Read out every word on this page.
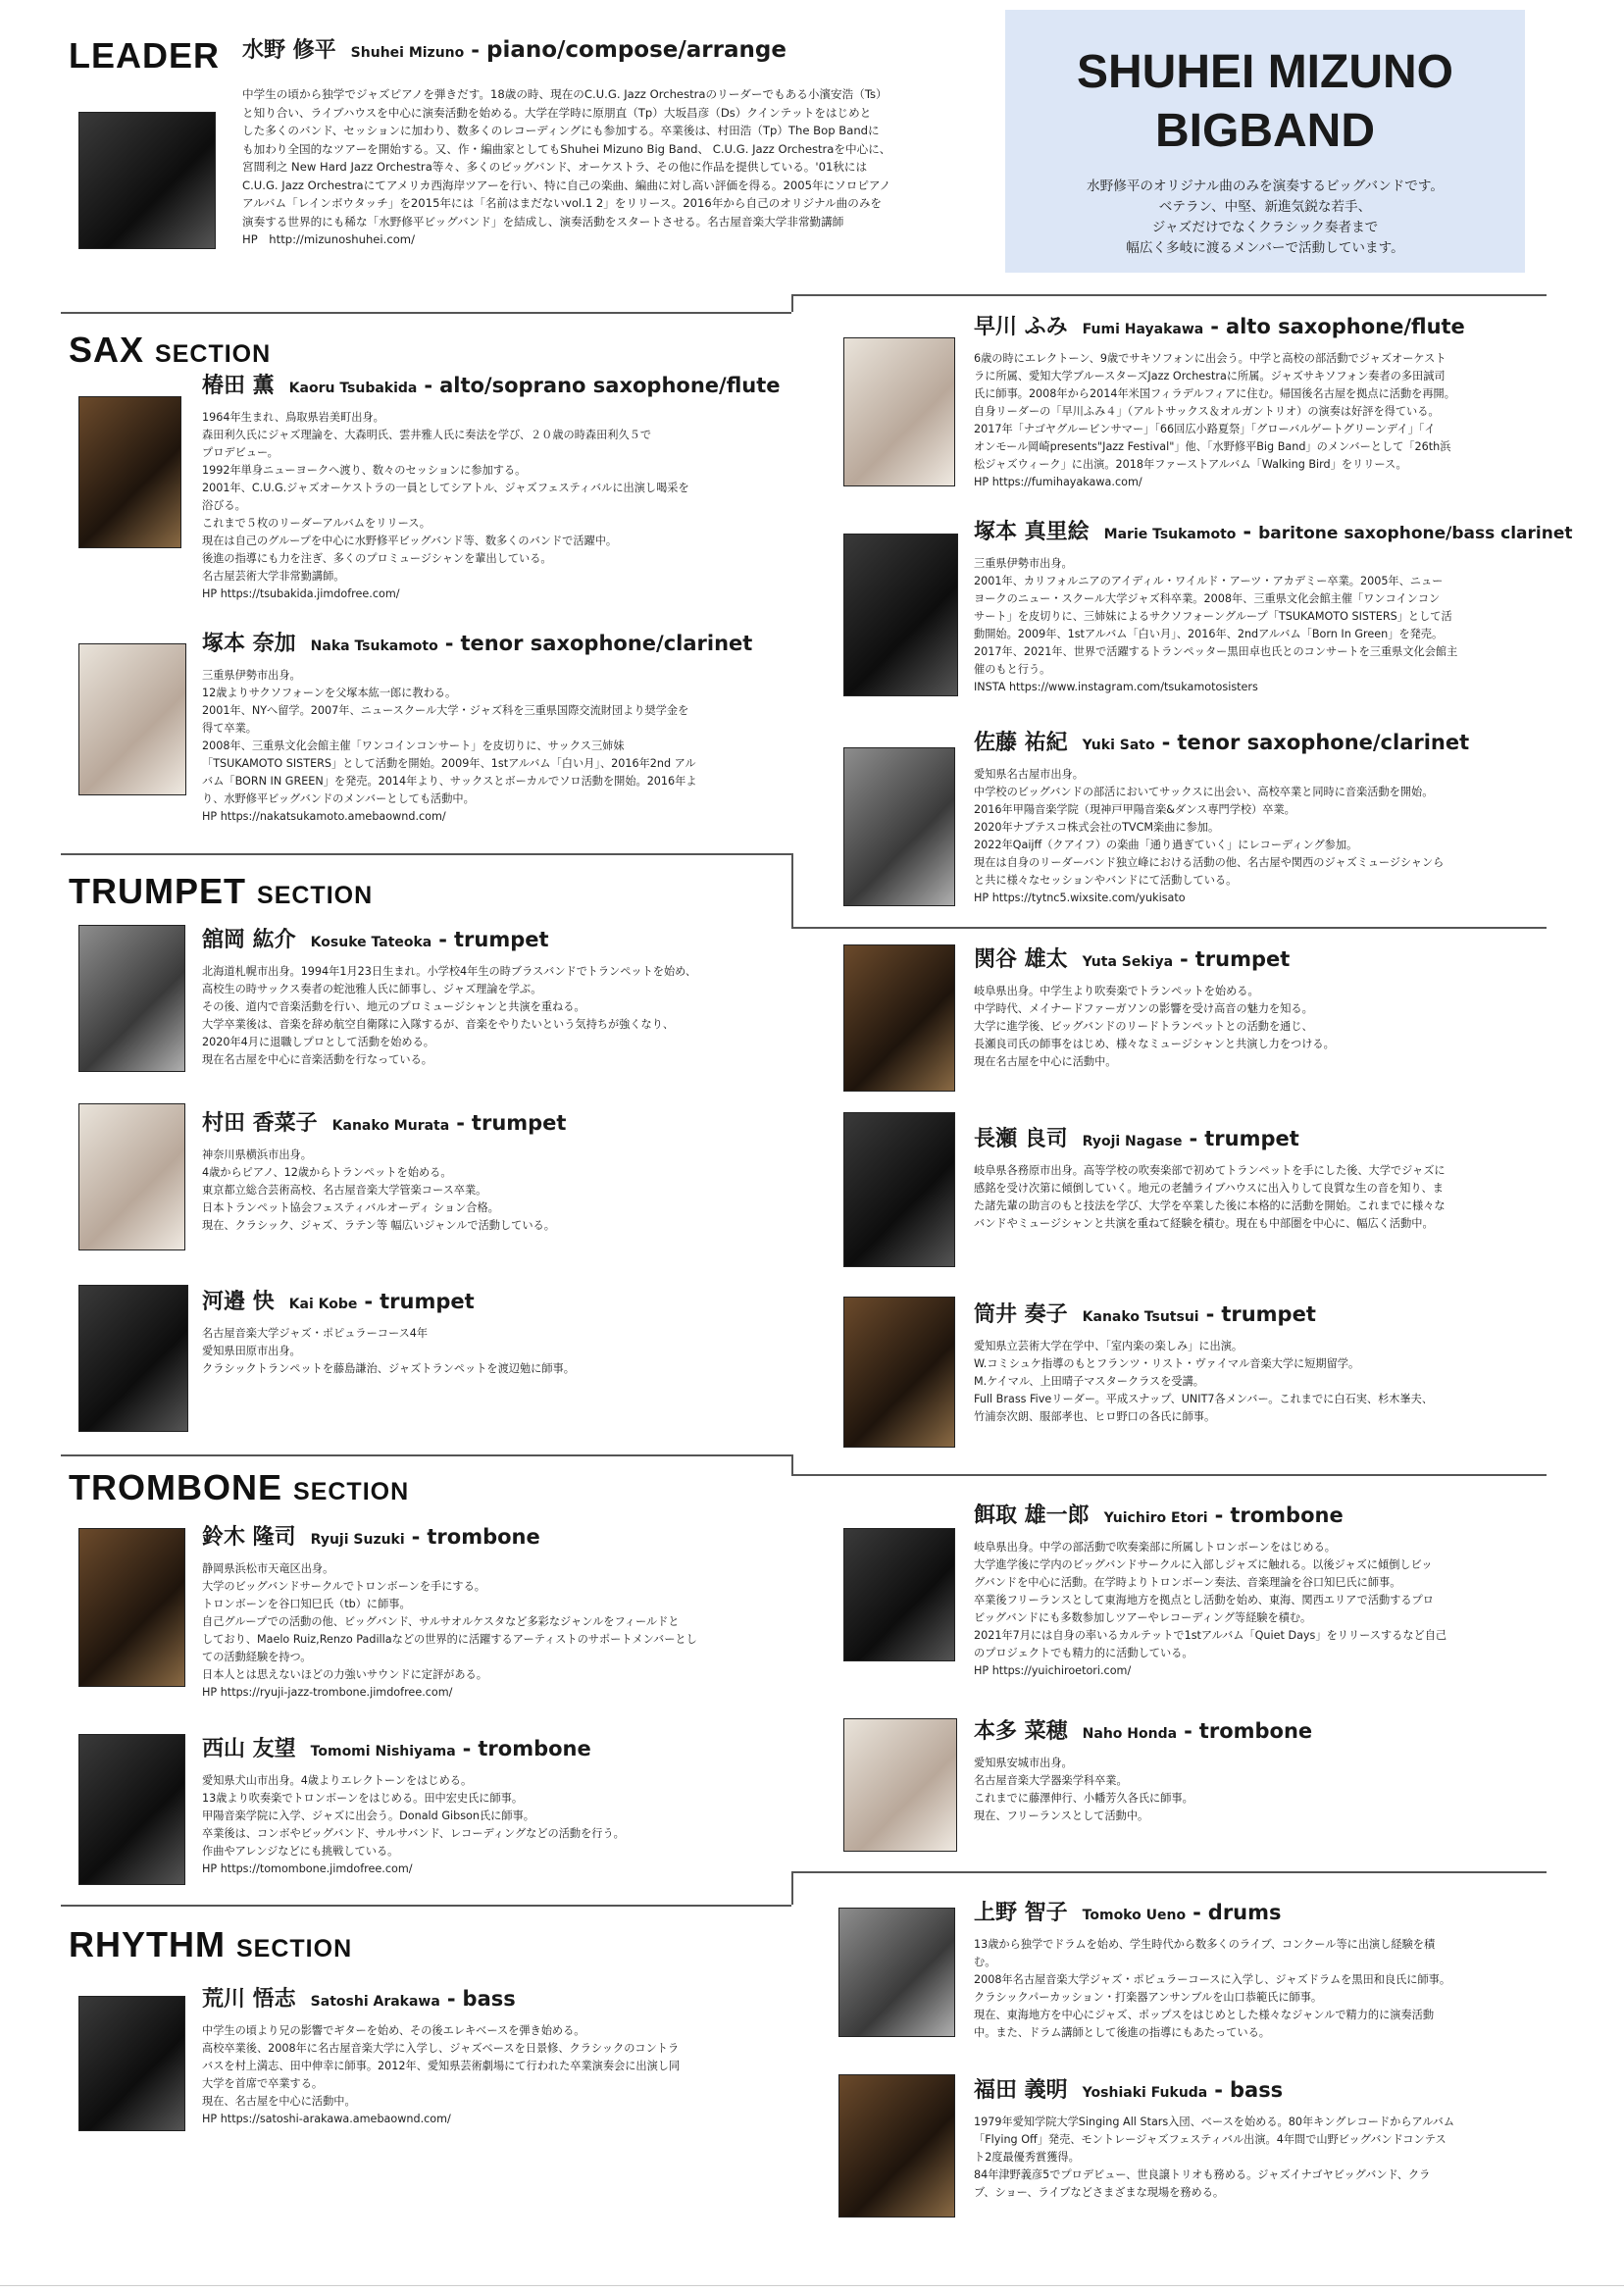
SHUHEI MIZUNO
BIGBAND
水野修平のオリジナル曲のみを演奏するビッグバンドです。
ベテラン、中堅、新進気鋭な若手、
ジャズだけでなくクラシック奏者まで
幅広く多岐に渡るメンバーで活動しています。
LEADER 水野 修平 Shuhei Mizuno - piano/compose/arrange
中学生の頃から独学でジャズピアノを弾きだす。18歳の時、現在のC.U.G. Jazz Orchestraのリーダーでもある小濱安浩（Ts）
と知り合い、ライブハウスを中心に演奏活動を始める。大学在学時に原朋直（Tp）大坂昌彦（Ds）クインテットをはじめと
した多くのバンド、セッションに加わり、数多くのレコーディングにも参加する。卒業後は、村田浩（Tp）The Bop Bandに
も加わり全国的なツアーを開始する。又、作・編曲家としてもShuhei Mizuno Big Band、 C.U.G. Jazz Orchestraを中心に、
宮間利之 New Hard Jazz Orchestra等々、多くのビッグバンド、オーケストラ、その他に作品を提供している。'01秋には
C.U.G. Jazz Orchestraにてアメリカ西海岸ツアーを行い、特に自己の楽曲、編曲に対し高い評価を得る。2005年にソロピアノ
アルバム「レインボウタッチ」を2015年には「名前はまだないvol.1 2」をリリース。2016年から自己のオリジナル曲のみを
演奏する世界的にも稀な「水野修平ビッグバンド」を結成し、演奏活動をスタートさせる。名古屋音楽大学非常勤講師
HP　http://mizunoshuhei.com/
SAX SECTION
椿田 薫 Kaoru Tsubakida - alto/soprano saxophone/flute
1964年生まれ、鳥取県岩美町出身。
森田利久氏にジャズ理論を、大森明氏、雲井雅人氏に奏法を学び、２０歳の時森田利久５で
プロデビュー。
1992年単身ニューヨークへ渡り、数々のセッションに参加する。
2001年、C.U.G.ジャズオーケストラの一員としてシアトル、ジャズフェスティバルに出演し喝采を
浴びる。
これまで５枚のリーダーアルバムをリリース。
現在は自己のグループを中心に水野修平ビッグバンド等、数多くのバンドで活躍中。
後進の指導にも力を注ぎ、多くのプロミュージシャンを輩出している。
名古屋芸術大学非常勤講師。
HP https://tsubakida.jimdofree.com/
塚本 奈加 Naka Tsukamoto - tenor saxophone/clarinet
三重県伊勢市出身。
12歳よりサクソフォーンを父塚本紘一郎に教わる。
2001年、NYへ留学。2007年、ニュースクール大学・ジャズ科を三重県国際交流財団より奨学金を
得て卒業。
2008年、三重県文化会館主催「ワンコインコンサート」を皮切りに、サックス三姉妹
「TSUKAMOTO SISTERS」として活動を開始。2009年、1stアルバム「白い月」、2016年2nd アル
バム「BORN IN GREEN」を発売。2014年より、サックスとボーカルでソロ活動を開始。2016年よ
り、水野修平ビッグバンドのメンバーとしても活動中。
HP https://nakatsukamoto.amebaownd.com/
早川 ふみ Fumi Hayakawa - alto saxophone/flute
6歳の時にエレクトーン、9歳でサキソフォンに出会う。中学と高校の部活動でジャズオーケスト
ラに所属、愛知大学ブルースターズJazz Orchestraに所属。ジャズサキソフォン奏者の多田誠司
氏に師事。2008年から2014年米国フィラデルフィアに住む。帰国後名古屋を拠点に活動を再開。
自身リーダーの「早川ふみ４」（アルトサックス＆オルガントリオ）の演奏は好評を得ている。
2017年「ナゴヤグルービンサマー」「66回広小路夏祭」「グローバルゲートグリーンデイ」「イ
オンモール岡崎presents"Jazz Festival"」他、「水野修平Big Band」のメンバーとして「26th浜
松ジャズウィーク」に出演。2018年ファーストアルバム「Walking Bird」をリリース。
HP https://fumihayakawa.com/
塚本 真里絵 Marie Tsukamoto - baritone saxophone/bass clarinet
三重県伊勢市出身。
2001年、カリフォルニアのアイディル・ワイルド・アーツ・アカデミー卒業。2005年、ニュー
ヨークのニュー・スクール大学ジャズ科卒業。2008年、三重県文化会館主催「ワンコインコン
サート」を皮切りに、三姉妹によるサクソフォーングループ「TSUKAMOTO SISTERS」として活
動開始。2009年、1stアルバム「白い月」、2016年、2ndアルバム「Born In Green」を発売。
2017年、2021年、世界で活躍するトランペッター黒田卓也氏とのコンサートを三重県文化会館主
催のもと行う。
INSTA https://www.instagram.com/tsukamotosisters
佐藤 祐紀 Yuki Sato - tenor saxophone/clarinet
愛知県名古屋市出身。
中学校のビッグバンドの部活においてサックスに出会い、高校卒業と同時に音楽活動を開始。
2016年甲陽音楽学院（現神戸甲陽音楽&ダンス専門学校）卒業。
2020年ナブテスコ株式会社のTVCM楽曲に参加。
2022年Qaijff（クアイフ）の楽曲「通り過ぎていく」にレコーディング参加。
現在は自身のリーダーバンド独立峰における活動の他、名古屋や関西のジャズミュージシャンら
と共に様々なセッションやバンドにて活動している。
HP https://tytnc5.wixsite.com/yukisato
TRUMPET SECTION
舘岡 紘介 Kosuke Tateoka - trumpet
北海道札幌市出身。1994年1月23日生まれ。小学校4年生の時ブラスバンドでトランペットを始め、
高校生の時サックス奏者の蛇池雅人氏に師事し、ジャズ理論を学ぶ。
その後、道内で音楽活動を行い、地元のプロミュージシャンと共演を重ねる。
大学卒業後は、音楽を辞め航空自衛隊に入隊するが、音楽をやりたいという気持ちが強くなり、
2020年4月に退職しプロとして活動を始める。
現在名古屋を中心に音楽活動を行なっている。
村田 香菜子 Kanako Murata - trumpet
神奈川県横浜市出身。
4歳からピアノ、12歳からトランペットを始める。
東京都立総合芸術高校、名古屋音楽大学管楽コース卒業。
日本トランペット協会フェスティバルオーディ ション合格。
現在、クラシック、ジャズ、ラテン等 幅広いジャンルで活動している。
河邉 快 Kai Kobe - trumpet
名古屋音楽大学ジャズ・ポピュラーコース4年
愛知県田原市出身。
クラシックトランペットを藤島謙治、ジャズトランペットを渡辺勉に師事。
関谷 雄太 Yuta Sekiya - trumpet
岐阜県出身。中学生より吹奏楽でトランペットを始める。
中学時代、メイナードファーガソンの影響を受け高音の魅力を知る。
大学に進学後、ビッグバンドのリードトランペットとの活動を通じ、
長瀬良司氏の師事をはじめ、様々なミュージシャンと共演し力をつける。
現在名古屋を中心に活動中。
長瀬 良司 Ryoji Nagase - trumpet
岐阜県各務原市出身。高等学校の吹奏楽部で初めてトランペットを手にした後、大学でジャズに
感銘を受け次第に傾倒していく。地元の老舗ライブハウスに出入りして良質な生の音を知り、ま
た諸先輩の助言のもと技法を学び、大学を卒業した後に本格的に活動を開始。これまでに様々な
バンドやミュージシャンと共演を重ねて経験を積む。現在も中部圏を中心に、幅広く活動中。
筒井 奏子 Kanako Tsutsui - trumpet
愛知県立芸術大学在学中、「室内楽の楽しみ」に出演。
W.コミシュケ指導のもとフランツ・リスト・ヴァイマル音楽大学に短期留学。
M.ケイマル、上田晴子マスタークラスを受講。
Full Brass Fiveリーダー。平成スナップ、UNIT7各メンバー。これまでに白石実、杉木峯夫、
竹浦奈次朗、服部孝也、ヒロ野口の各氏に師事。
TROMBONE SECTION
鈴木 隆司 Ryuji Suzuki - trombone
静岡県浜松市天竜区出身。
大学のビッグバンドサークルでトロンボーンを手にする。
トロンボーンを谷口知巳氏（tb）に師事。
自己グループでの活動の他、ビッグバンド、サルサオルケスタなど多彩なジャンルをフィールドと
しており、Maelo Ruiz,Renzo Padillaなどの世界的に活躍するアーティストのサポートメンバーとし
ての活動経験を持つ。
日本人とは思えないほどの力強いサウンドに定評がある。
HP https://ryuji-jazz-trombone.jimdofree.com/
西山 友望 Tomomi Nishiyama - trombone
愛知県犬山市出身。4歳よりエレクトーンをはじめる。
13歳より吹奏楽でトロンボーンをはじめる。田中宏史氏に師事。
甲陽音楽学院に入学、ジャズに出会う。Donald Gibson氏に師事。
卒業後は、コンボやビッグバンド、サルサバンド、レコーディングなどの活動を行う。
作曲やアレンジなどにも挑戦している。
HP https://tomombone.jimdofree.com/
餌取 雄一郎 Yuichiro Etori - trombone
岐阜県出身。中学の部活動で吹奏楽部に所属しトロンボーンをはじめる。
大学進学後に学内のビッグバンドサークルに入部しジャズに触れる。以後ジャズに傾倒しビッ
グバンドを中心に活動。在学時よりトロンボーン奏法、音楽理論を谷口知巳氏に師事。
卒業後フリーランスとして東海地方を拠点とし活動を始め、東海、関西エリアで活動するプロ
ビッグバンドにも多数参加しツアーやレコーディング等経験を積む。
2021年7月には自身の率いるカルテットで1stアルバム「Quiet Days」をリリースするなど自己
のプロジェクトでも精力的に活動している。
HP https://yuichiroetori.com/
本多 菜穂 Naho Honda - trombone
愛知県安城市出身。
名古屋音楽大学器楽学科卒業。
これまでに藤澤伸行、小幡芳久各氏に師事。
現在、フリーランスとして活動中。
RHYTHM SECTION
荒川 悟志 Satoshi Arakawa - bass
中学生の頃より兄の影響でギターを始め、その後エレキベースを弾き始める。
高校卒業後、2008年に名古屋音楽大学に入学し、ジャズベースを日景修、クラシックのコントラ
バスを村上満志、田中伸幸に師事。2012年、愛知県芸術劇場にて行われた卒業演奏会に出演し同
大学を首席で卒業する。
現在、名古屋を中心に活動中。
HP https://satoshi-arakawa.amebaownd.com/
上野 智子 Tomoko Ueno - drums
13歳から独学でドラムを始め、学生時代から数多くのライブ、コンクール等に出演し経験を積
む。
2008年名古屋音楽大学ジャズ・ポピュラーコースに入学し、ジャズドラムを黒田和良氏に師事。
クラシックパーカッション・打楽器アンサンブルを山口恭範氏に師事。
現在、東海地方を中心にジャズ、ポップスをはじめとした様々なジャンルで精力的に演奏活動
中。また、ドラム講師として後進の指導にもあたっている。
福田 義明 Yoshiaki Fukuda - bass
1979年愛知学院大学Singing All Stars入団、ベースを始める。80年キングレコードからアルバム
「Flying Off」発売、モントレージャズフェスティバル出演。4年間で山野ビッグバンドコンテス
ト2度最優秀賞獲得。
84年津野義彦5でプロデビュー、世良譲トリオも務める。ジャズイナゴヤビッグバンド、クラ
ブ、ショー、ライブなどさまざまな現場を務める。
